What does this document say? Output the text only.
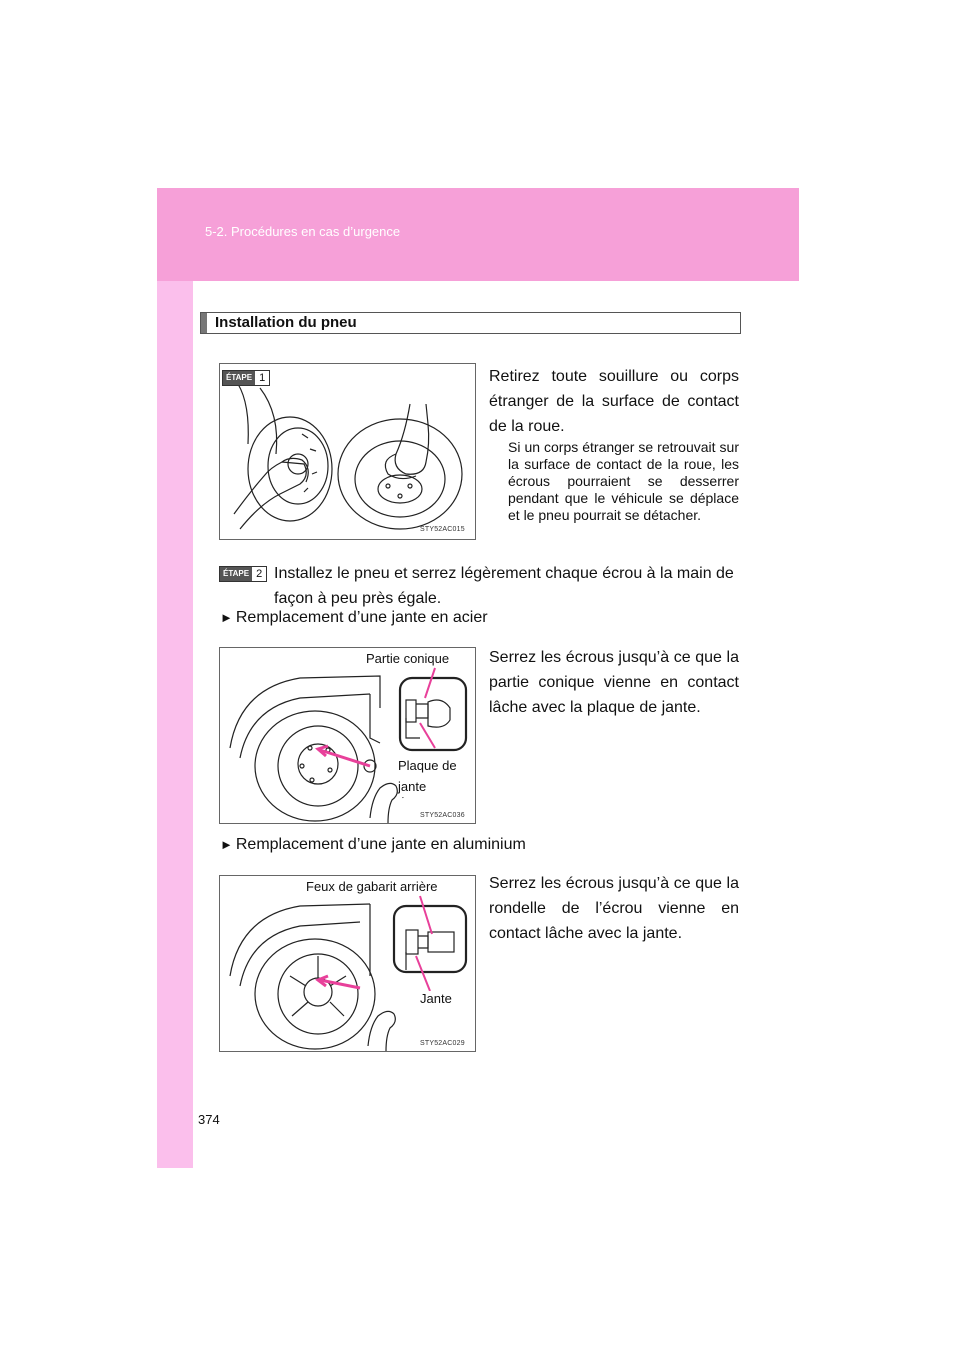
5-2. Procédures en cas d’urgence
374
Installation du pneu
ÉTAPE 1
STY52AC015
Retirez toute souillure ou corps étranger de la surface de contact de la roue.
Si un corps étranger se retrouvait sur la surface de contact de la roue, les écrous pourraient se desserrer pendant que le véhicule se déplace et le pneu pourrait se détacher.
ÉTAPE 2 Installez le pneu et serrez légèrement chaque écrou à la main de façon à peu près égale.
► Remplacement d’une jante en acier
Partie conique
Plaque de jante
STY52AC036
Serrez les écrous jusqu’à ce que la partie conique vienne en contact lâche avec la plaque de jante.
► Remplacement d’une jante en aluminium
Feux de gabarit arrière
Jante
STY52AC029
Serrez les écrous jusqu’à ce que la rondelle de l’écrou vienne en contact lâche avec la jante.
